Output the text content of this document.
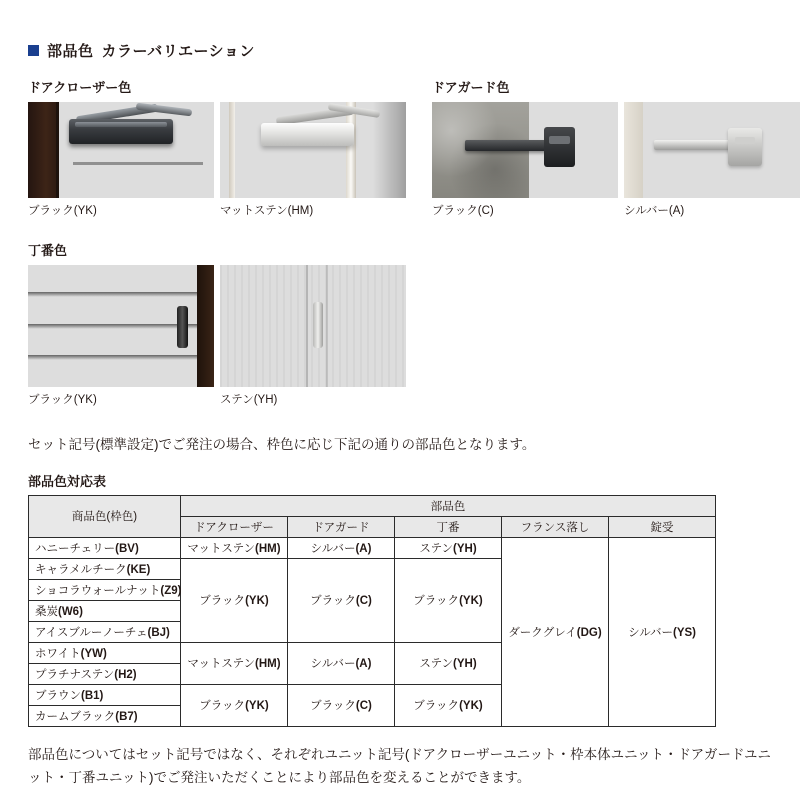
部品色 カラーバリエーション
ドアクローザー色
ブラック(YK)	マットステン(HM)
ドアガード色
ブラック(C)	シルバー(A)
丁番色
ブラック(YK)	ステン(YH)

セット記号(標準設定)でご発注の場合、枠色に応じ下記の通りの部品色となります。

部品色対応表
商品色(枠色)	部品色				
	ドアクローザー	ドアガード	丁番	フランス落し	錠受
ハニーチェリー(BV)	マットステン(HM)	シルバー(A)	ステン(YH)	ダークグレイ(DG)	シルバー(YS)
キャラメルチーク(KE)	ブラック(YK)	ブラック(C)	ブラック(YK)		
ショコラウォールナット(Z9)					
桑炭(W6)					
アイスブルーノーチェ(BJ)					
ホワイト(YW)	マットステン(HM)	シルバー(A)	ステン(YH)		
プラチナステン(H2)					
ブラウン(B1)	ブラック(YK)	ブラック(C)	ブラック(YK)		
カームブラック(B7)					

部品色についてはセット記号ではなく、それぞれユニット記号(ドアクローザーユニット・枠本体ユニット・ドアガードユニット・丁番ユニット)でご発注いただくことにより部品色を変えることができます。
